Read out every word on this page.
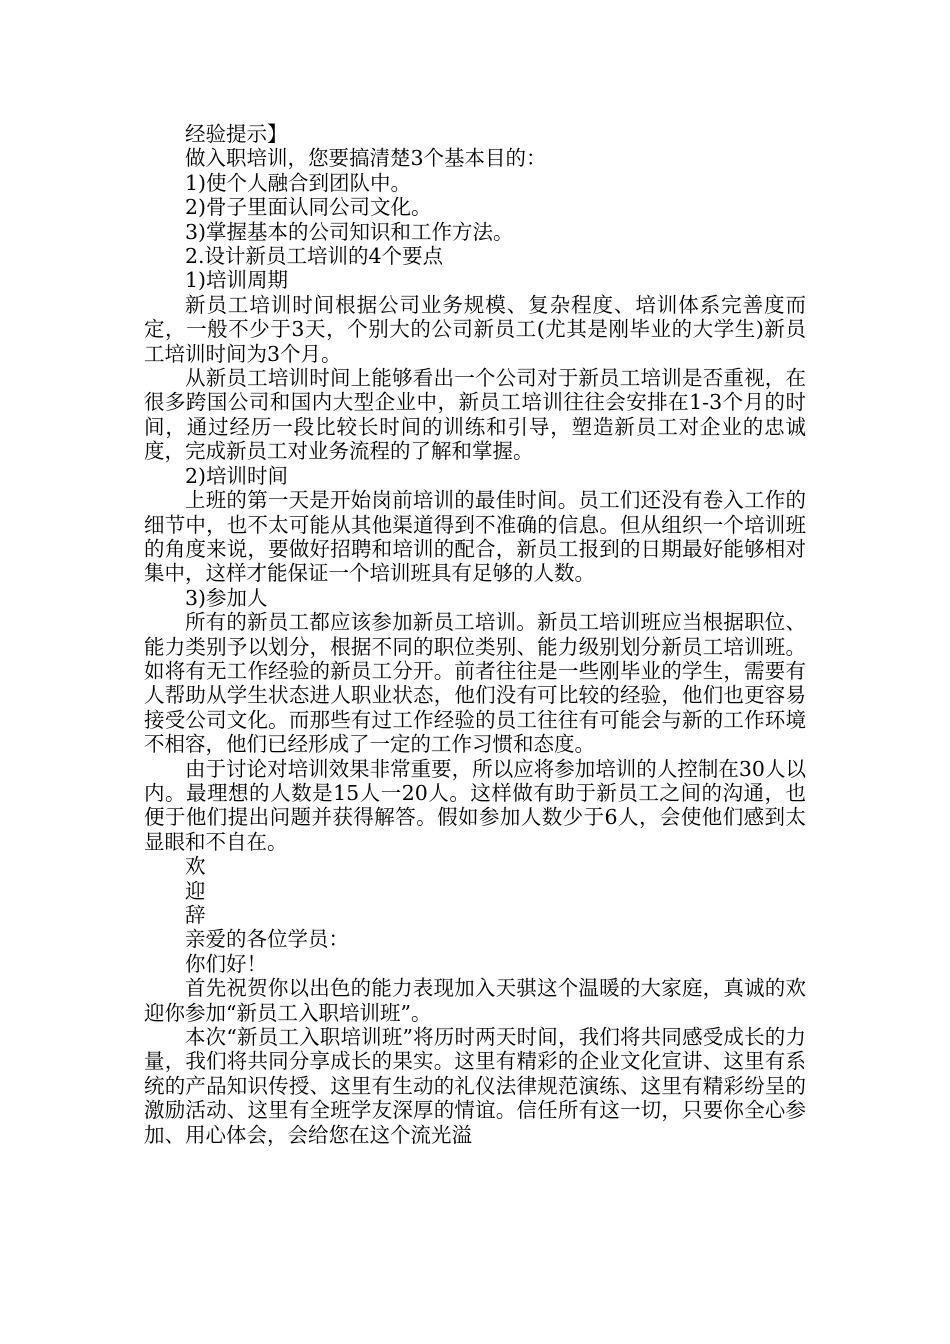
经验提示】

做入职培训，您要搞清楚3个基本目的：

1)使个人融合到团队中。

2)骨子里面认同公司文化。

3)掌握基本的公司知识和工作方法。

2.设计新员工培训的4个要点

1)培训周期

新员工培训时间根据公司业务规模、复杂程度、培训体系完善度而定，一般不少于3天，个别大的公司新员工(尤其是刚毕业的大学生)新员工培训时间为3个月。

从新员工培训时间上能够看出一个公司对于新员工培训是否重视，在很多跨国公司和国内大型企业中，新员工培训往往会安排在1-3个月的时间，通过经历一段比较长时间的训练和引导，塑造新员工对企业的忠诚度，完成新员工对业务流程的了解和掌握。

2)培训时间

上班的第一天是开始岗前培训的最佳时间。员工们还没有卷入工作的细节中，也不太可能从其他渠道得到不准确的信息。但从组织一个培训班的角度来说，要做好招聘和培训的配合，新员工报到的日期最好能够相对集中，这样才能保证一个培训班具有足够的人数。

3)参加人

所有的新员工都应该参加新员工培训。新员工培训班应当根据职位、能力类别予以划分，根据不同的职位类别、能力级别划分新员工培训班。如将有无工作经验的新员工分开。前者往往是一些刚毕业的学生，需要有人帮助从学生状态进人职业状态，他们没有可比较的经验，他们也更容易接受公司文化。而那些有过工作经验的员工往往有可能会与新的工作环境不相容，他们已经形成了一定的工作习惯和态度。

由于讨论对培训效果非常重要，所以应将参加培训的人控制在30人以内。最理想的人数是15人一20人。这样做有助于新员工之间的沟通，也便于他们提出问题并获得解答。假如参加人数少于6人，会使他们感到太显眼和不自在。

欢

迎

辞

亲爱的各位学员：

你们好！

首先祝贺你以出色的能力表现加入天骐这个温暖的大家庭，真诚的欢迎你参加“新员工入职培训班”。

本次“新员工入职培训班”将历时两天时间，我们将共同感受成长的力量，我们将共同分享成长的果实。这里有精彩的企业文化宣讲、这里有系统的产品知识传授、这里有生动的礼仪法律规范演练、这里有精彩纷呈的激励活动、这里有全班学友深厚的情谊。信任所有这一切，只要你全心参加、用心体会，会给您在这个流光溢
